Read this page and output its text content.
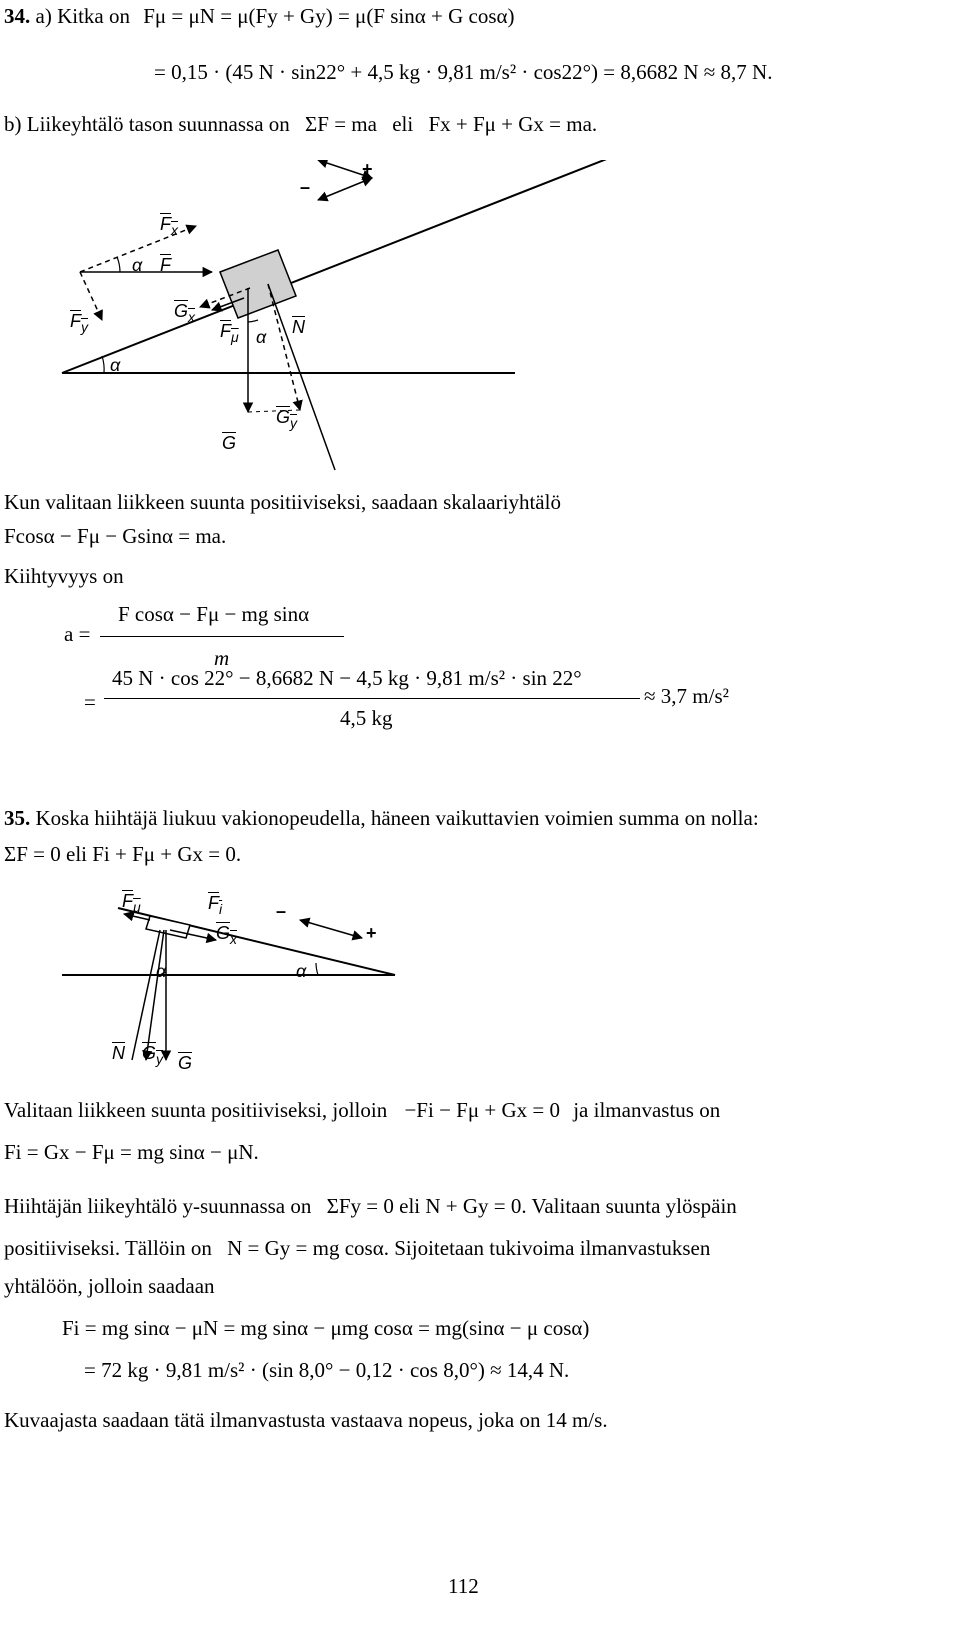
34. a) Kitka on Fμ = μN = μ(Fy + Gy) = μ(F sinα + G cosα)
= 0,15 · (45 N · sin22° + 4,5 kg · 9,81 m/s² · cos22°) = 8,6682 N ≈ 8,7 N.
b) Liikeyhtälö tason suunnassa on ΣF = ma eli Fx + Fμ + Gx = ma.
$F_x$
α $\overline{F}$
$F_y$
$G_x$
$F_\mu$ α $\overline{N}$
α
$G_y$
$\overline{G}$
–
+
Kun valitaan liikkeen suunta positiiviseksi, saadaan skalaariyhtälö
Fcosα − Fμ − Gsinα = ma.
Kiihtyvyys on
a =
F cosα − Fμ − mg sinα
m
=
45 N · cos 22° − 8,6682 N − 4,5 kg · 9,81 m/s² · sin 22°
4,5 kg
≈ 3,7 m/s²
35. Koska hiihtäjä liukuu vakionopeudella, häneen vaikuttavien voimien summa on nolla:
ΣF = 0 eli Fi + Fμ + Gx = 0.
$F_\mu$	$F_i$
$G_x$
–
+
α	α
$\overline{N}$ $G_y$ $\overline{G}$
Valitaan liikkeen suunta positiiviseksi, jolloin −Fi − Fμ + Gx = 0 ja ilmanvastus on
Fi = Gx − Fμ = mg sinα − μN.
Hiihtäjän liikeyhtälö y-suunnassa on ΣFy = 0 eli N + Gy = 0. Valitaan suunta ylöspäin
positiiviseksi. Tällöin on N = Gy = mg cosα. Sijoitetaan tukivoima ilmanvastuksen
yhtälöön, jolloin saadaan
Fi = mg sinα − μN = mg sinα − μmg cosα = mg(sinα − μ cosα)
= 72 kg · 9,81 m/s² · (sin 8,0° − 0,12 · cos 8,0°) ≈ 14,4 N.
Kuvaajasta saadaan tätä ilmanvastusta vastaava nopeus, joka on 14 m/s.
112
